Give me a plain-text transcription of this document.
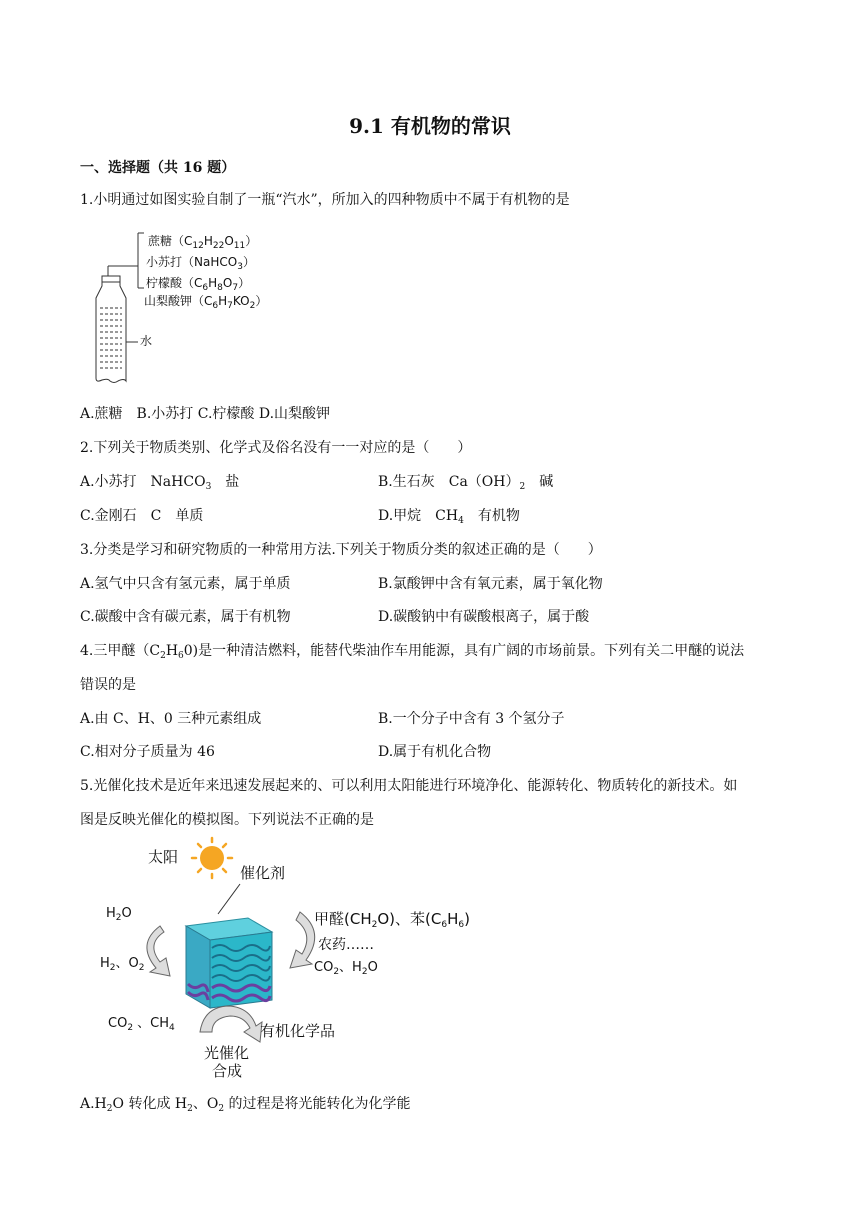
9.1 有机物的常识
一、选择题（共 16 题）
1.小明通过如图实验自制了一瓶“汽水”，所加入的四种物质中不属于有机物的是
蔗糖$(C_{12}H_{22}O_{11})$
小苏打（NaHCO$_3$）
柠檬酸$(C_6H_8O_7)$
山梨酸钾$(C_6H_7KO_2)$
水
A.蔗糖　B.小苏打 C.柠檬酸 D.山梨酸钾
2.下列关于物质类别、化学式及俗名没有一一对应的是（　　）
A.小苏打　NaHCO$_3$　盐	B.生石灰　$Ca(OH)_2$　碱
C.金刚石　C　单质	D.甲烷　$CH_4$　有机物
3.分类是学习和研究物质的一种常用方法.下列关于物质分类的叙述正确的是（　　）
A.氢气中只含有氢元素，属于单质	B.氯酸钾中含有氧元素，属于氧化物
C.碳酸中含有碳元素，属于有机物	D.碳酸钠中有碳酸根离子，属于酸
4.三甲醚$(C_2H_60)$是一种清洁燃料，能替代柴油作车用能源，具有广阔的市场前景。下列有关二甲醚的说法
错误的是
A.由 C、H、0 三种元素组成	B.一个分子中含有 3 个氢分子
C.相对分子质量为 46	D.属于有机化合物
5.光催化技术是近年来迅速发展起来的、可以利用太阳能进行环境净化、能源转化、物质转化的新技术。如
图是反映光催化的模拟图。下列说法不正确的是
太阳
催化剂
$H_2O$
$H_2$、$O_2$
甲醛$(CH_2O)$、苯$(C_6H_6)$
农药……
$CO_2$、$H_2O$
$CO_2$ 、$CH_4$	有机化学品
光催化
合成
$A.H_2O$ 转化成 $H_2$、$O_2$ 的过程是将光能转化为化学能
